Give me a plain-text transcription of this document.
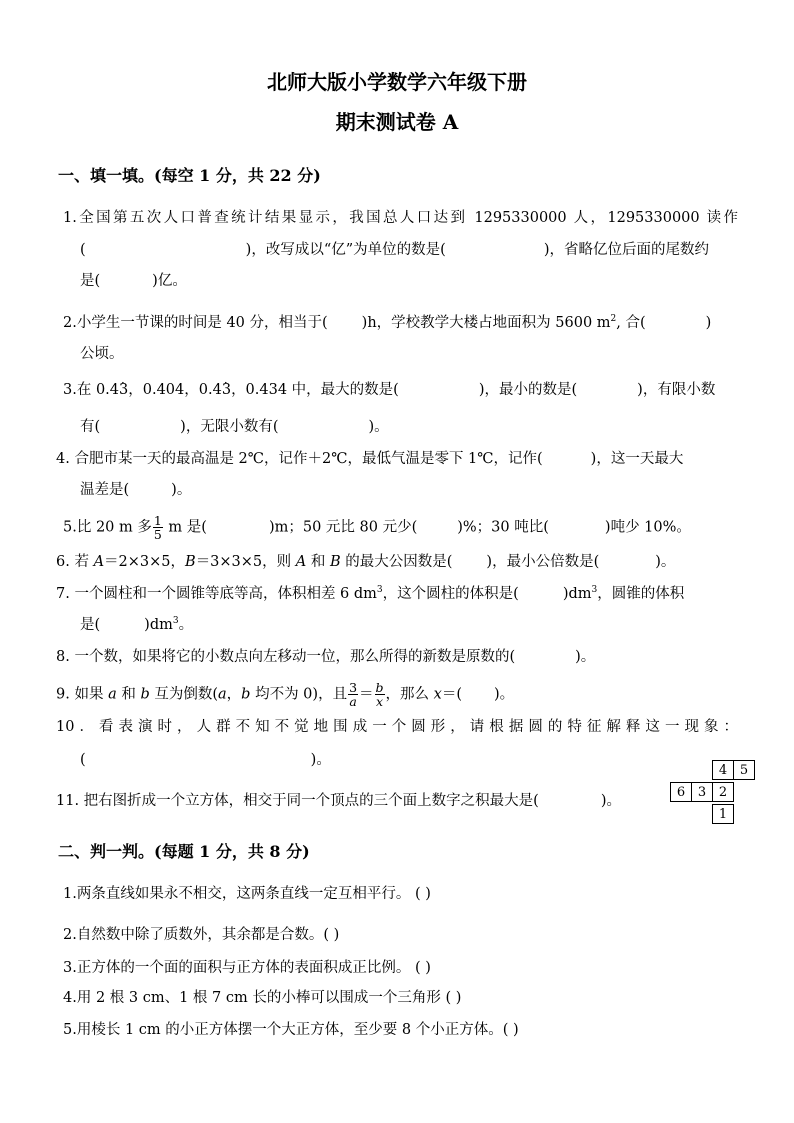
北师大版小学数学六年级下册
期末测试卷 A
一、填一填。(每空 1 分，共 22 分)
1.全国第五次人口普查统计结果显示，我国总人口达到 1295330000 人，1295330000 读作
(	)，改写成以“亿”为单位的数是(	)，省略亿位后面的尾数约
是(	)亿。
2.小学生一节课的时间是 40 分，相当于( )h，学校教学大楼占地面积为 5600 $m^2$, 合(	)
公顷。
3.在 0.4· 3，0.404，0.4· 3，0.434 中，最大的数是(	)，最小的数是(	)，有限小数
有(	)，无限小数有(	)。
4. 合肥市某一天的最高温是 2℃，记作＋2℃，最低气温是零下 1℃，记作(	)，这一天最大
温差是(	)。
5.比 20 m 多 $\frac{1}{5}$ m 是(	)m；50 元比 80 元少(	)%；30 吨比(	)吨少 10%。
6. 若 A＝2×3×5，B＝3×3×5，则 A 和 B 的最大公因数是( )，最小公倍数是(	)。
7. 一个圆柱和一个圆锥等底等高，体积相差 6 $dm^3$，这个圆柱的体积是(	)$dm^3$，圆锥的体积
是(	)$dm^3$。
8. 一个数，如果将它的小数点向左移动一位，那么所得的新数是原数的(	)。
9. 如果 a 和 b 互为倒数(a，b 均不为 0)，且 $\frac{3}{a} = \frac{b}{x}$ ，那么 x＝( )。
10．看表演时，人群不知不觉地围成一个圆形，请根据圆的特征解释这一现象：
(	)。
11. 把右图折成一个立方体，相交于同一个顶点的三个面上数字之积最大是(	)。
4 5
6 3 2
1
二、判一判。(每题 1 分，共 8 分)
1.两条直线如果永不相交，这两条直线一定互相平行。 ( )
2.自然数中除了质数外，其余都是合数。( )
3.正方体的一个面的面积与正方体的表面积成正比例。 ( )
4.用 2 根 3 cm、1 根 7 cm 长的小棒可以围成一个三角形 ( )
5.用棱长 1 cm 的小正方体摆一个大正方体，至少要 8 个小正方体。( )
